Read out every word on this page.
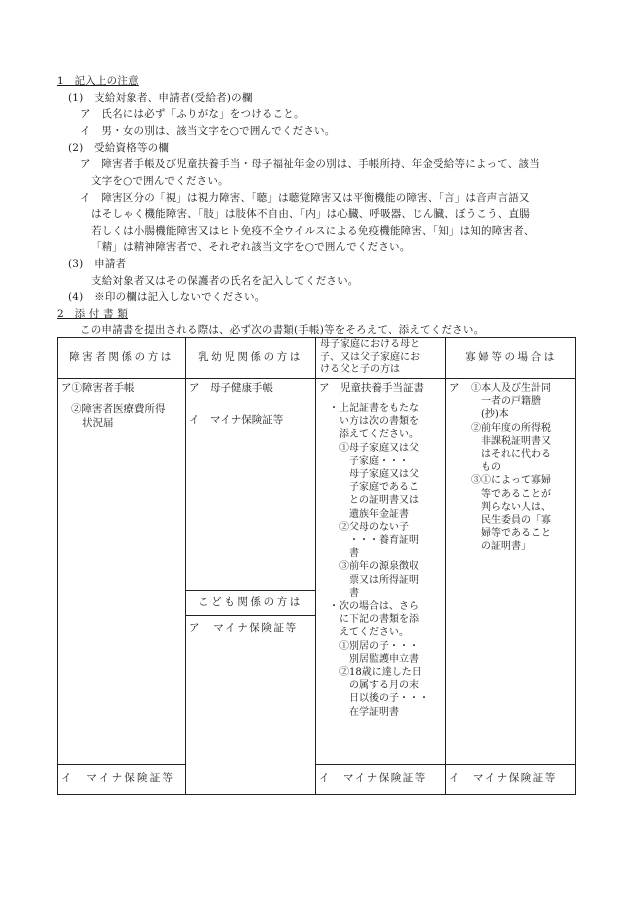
1　記入上の注意
(1)　支給対象者、申請者(受給者)の欄
ア　氏名には必ず「ふりがな」をつけること。
イ　男・女の別は、該当文字を○で囲んでください。
(2)　受給資格等の欄
ア　障害者手帳及び児童扶養手当・母子福祉年金の別は、手帳所持、年金受給等によって、該当
文字を○で囲んでください。
イ　障害区分の「視」は視力障害、「聴」は聴覚障害又は平衡機能の障害、「言」は音声言語又
はそしゃく機能障害、「肢」は肢体不自由、「内」は心臓、呼吸器、じん臓、ぼうこう、直腸
若しくは小腸機能障害又はヒト免疫不全ウイルスによる免疫機能障害、「知」は知的障害者、
「精」は精神障害者で、それぞれ該当文字を○で囲んでください。
(3)　申請者
支給対象者又はその保護者の氏名を記入してください。
(4)　※印の欄は記入しないでください。
2　添 付 書 類
この申請書を提出される際は、必ず次の書類(手帳)等をそろえて、添えてください。
障害者関係の方は	乳幼児関係の方は
母子家庭における母と
子、又は父子家庭にお
ける父と子の方は
寡婦等の場合は
ア①障害者手帳
②障害者医療費所得
状況届
イ　マイナ保険証等
ア　母子健康手帳
イ　マイナ保険証等
こども関係の方は
ア　マイナ保険証等
ア　児童扶養手当証書
・上記証書をもたな
い方は次の書類を
添えてください。
①母子家庭又は父
子家庭・・・
母子家庭又は父
子家庭であるこ
との証明書又は
遺族年金証書
②父母のない子
・・・養育証明
書
③前年の源泉徴収
票又は所得証明
書
・次の場合は、さら
に下記の書類を添
えてください。
①別居の子・・・
別居監護申立書
②18歳に達した日
の属する月の末
日以後の子・・・
在学証明書
イ　マイナ保険証等
ア ①本人及び生計同
一者の戸籍謄
(抄)本
②前年度の所得税
非課税証明書又
はそれに代わる
もの
③①によって寡婦
等であることが
判らない人は、
民生委員の「寡
婦等であること
の証明書」
イ　マイナ保険証等
